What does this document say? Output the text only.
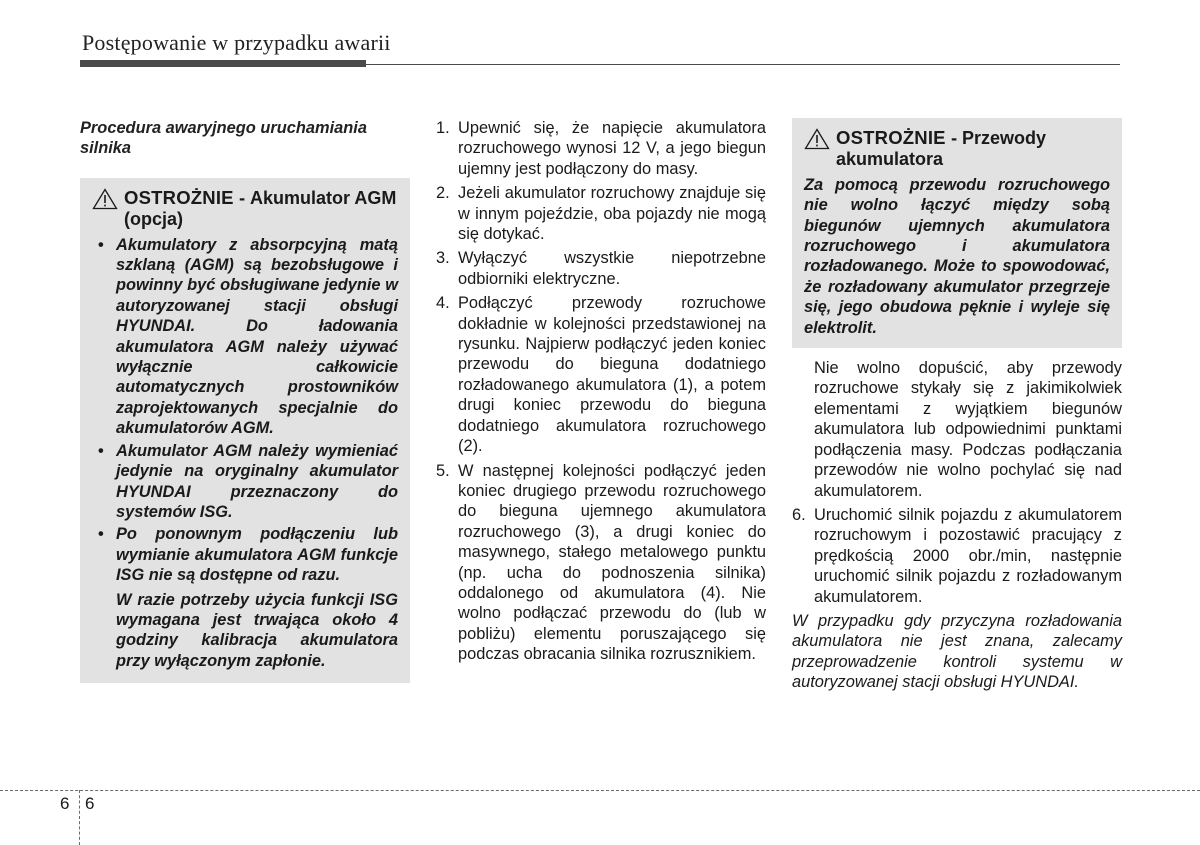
Postępowanie w przypadku awarii
Procedura awaryjnego uruchamiania silnika
OSTROŻNIE - Akumulator AGM (opcja)
• Akumulatory z absorpcyjną matą szklaną (AGM) są bezobsługowe i powinny być obsługiwane jedynie w autoryzowanej stacji obsługi HYUNDAI. Do ładowania akumulatora AGM należy używać wyłącznie całkowicie automatycznych prostowników zaprojektowanych specjalnie do akumulatorów AGM.
• Akumulator AGM należy wymieniać jedynie na oryginalny akumulator HYUNDAI przeznaczony do systemów ISG.
• Po ponownym podłączeniu lub wymianie akumulatora AGM funkcje ISG nie są dostępne od razu.
W razie potrzeby użycia funkcji ISG wymagana jest trwająca około 4 godziny kalibracja akumulatora przy wyłączonym zapłonie.
1. Upewnić się, że napięcie akumulatora rozruchowego wynosi 12 V, a jego biegun ujemny jest podłączony do masy.
2. Jeżeli akumulator rozruchowy znajduje się w innym pojeździe, oba pojazdy nie mogą się dotykać.
3. Wyłączyć wszystkie niepotrzebne odbiorniki elektryczne.
4. Podłączyć przewody rozruchowe dokładnie w kolejności przedstawionej na rysunku. Najpierw podłączyć jeden koniec przewodu do bieguna dodatniego rozładowanego akumulatora (1), a potem drugi koniec przewodu do bieguna dodatniego akumulatora rozruchowego (2).
5. W następnej kolejności podłączyć jeden koniec drugiego przewodu rozruchowego do bieguna ujemnego akumulatora rozruchowego (3), a drugi koniec do masywnego, stałego metalowego punktu (np. ucha do podnoszenia silnika) oddalonego od akumulatora (4). Nie wolno podłączać przewodu do (lub w pobliżu) elementu poruszającego się podczas obracania silnika rozrusznikiem.
OSTROŻNIE - Przewody
akumulatora
Za pomocą przewodu rozruchowego nie wolno łączyć między sobą biegunów ujemnych akumulatora rozruchowego i akumulatora rozładowanego. Może to spowodować, że rozładowany akumulator przegrzeje się, jego obudowa pęknie i wyleje się elektrolit.
Nie wolno dopuścić, aby przewody rozruchowe stykały się z jakimikolwiek elementami z wyjątkiem biegunów akumulatora lub odpowiednimi punktami podłączenia masy. Podczas podłączania przewodów nie wolno pochylać się nad akumulatorem.
6. Uruchomić silnik pojazdu z akumulatorem rozruchowym i pozostawić pracujący z prędkością 2000 obr./min, następnie uruchomić silnik pojazdu z rozładowanym akumulatorem.
W przypadku gdy przyczyna rozładowania akumulatora nie jest znana, zalecamy przeprowadzenie kontroli systemu w autoryzowanej stacji obsługi HYUNDAI.
6 6
